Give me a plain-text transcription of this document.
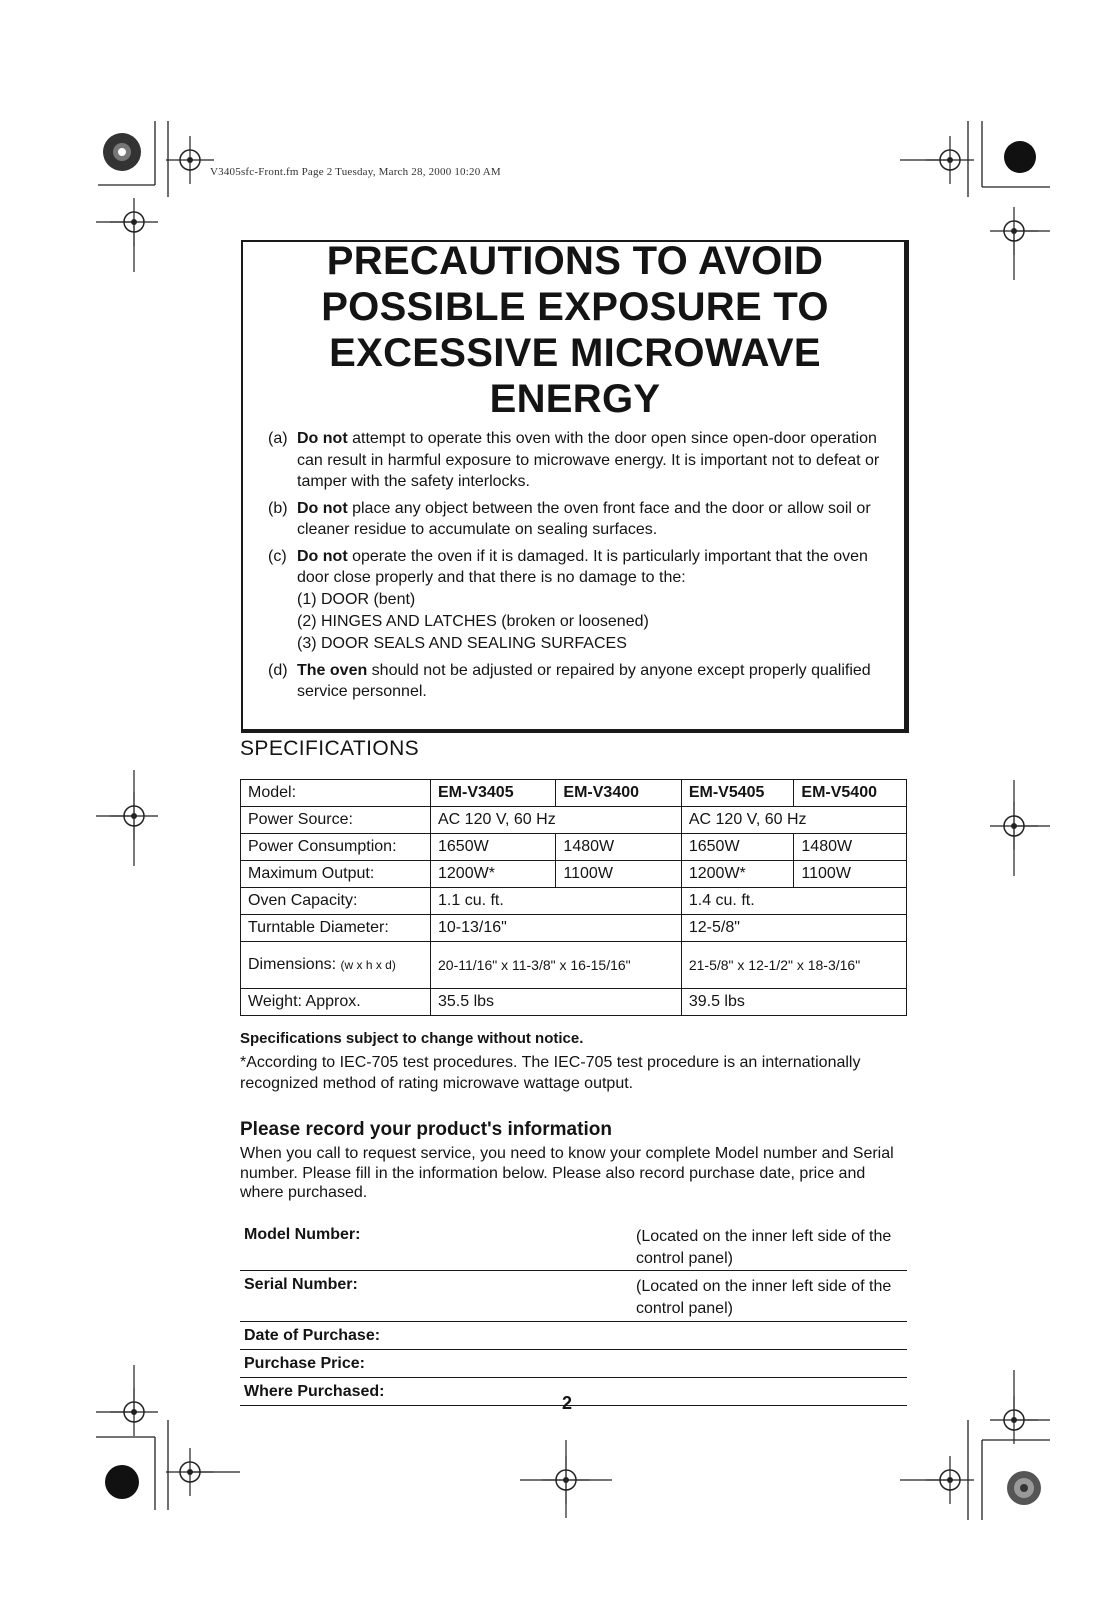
V3405sfc-Front.fm Page 2 Tuesday, March 28, 2000 10:20 AM
PRECAUTIONS TO AVOID
POSSIBLE EXPOSURE TO
EXCESSIVE MICROWAVE
ENERGY
(a) Do not attempt to operate this oven with the door open since open-door operation can result in harmful exposure to microwave energy. It is important not to defeat or tamper with the safety interlocks.
(b) Do not place any object between the oven front face and the door or allow soil or cleaner residue to accumulate on sealing surfaces.
(c) Do not operate the oven if it is damaged. It is particularly important that the oven door close properly and that there is no damage to the:
(1) DOOR (bent)
(2) HINGES AND LATCHES (broken or loosened)
(3) DOOR SEALS AND SEALING SURFACES
(d) The oven should not be adjusted or repaired by anyone except properly qualified service personnel.
SPECIFICATIONS
Model:	EM-V3405	EM-V3400	EM-V5405	EM-V5400
Power Source:	AC 120 V, 60 Hz		AC 120 V, 60 Hz	
Power Consumption:	1650W	1480W	1650W	1480W
Maximum Output:	1200W*	1100W	1200W*	1100W
Oven Capacity:	1.1 cu. ft.		1.4 cu. ft.	
Turntable Diameter:	10-13/16"		12-5/8"	
Dimensions: (w x h x d)	20-11/16" x 11-3/8" x 16-15/16"		21-5/8" x 12-1/2" x 18-3/16"	
Weight: Approx.	35.5 lbs		39.5 lbs	
Specifications subject to change without notice.
*According to IEC-705 test procedures. The IEC-705 test procedure is an internationally recognized method of rating microwave wattage output.
Please record your product's information
When you call to request service, you need to know your complete Model number and Serial number. Please fill in the information below. Please also record purchase date, price and where purchased.
Model Number:	(Located on the inner left side of the control panel)
Serial Number:	(Located on the inner left side of the control panel)
Date of Purchase:
Purchase Price:
Where Purchased:
2
